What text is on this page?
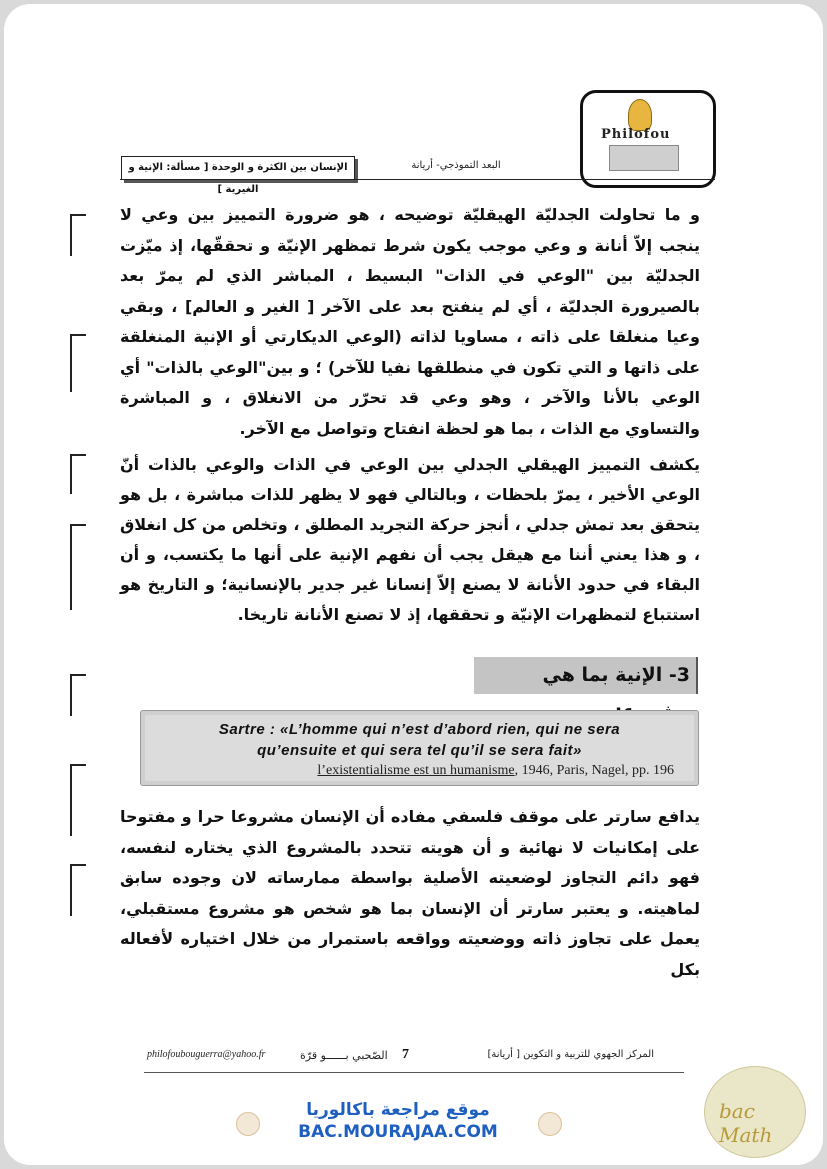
Philofou
الإنسان بين الكثرة و الوحدة [ مسألة: الإنية و الغيرية ]
البعد التموذجي- أريانة
و ما تحاولت الجدليّة الهيقليّة توضيحه ، هو ضرورة التمييز بين وعي لا ينجب إلاّ أنانة و وعي موجب يكون شرط تمظهر الإنيّة و تحققّها، إذ ميّزت الجدليّة بين "الوعي في الذات" البسيط ، المباشر الذي لم يمرّ بعد بالصيرورة الجدليّة ، أي لم ينفتح بعد على الآخر [ الغير و العالم] ، وبقي وعيا منغلقا على ذاته ، مساويا لذاته (الوعي الديكارتي أو الإنية المنغلقة على ذاتها و التي تكون في منطلقها نفيا للآخر) ؛ و بين"الوعي بالذات" أي الوعي بالأنا والآخر ، وهو وعي قد تحرّر من الانغلاق ، و المباشرة والتساوي مع الذات ، بما هو لحظة انفتاح وتواصل مع الآخر.
يكشف التمييز الهيقلي الجدلي بين الوعي في الذات والوعي بالذات أنّ الوعي الأخير ، يمرّ بلحظات ، وبالتالي فهو لا يظهر للذات مباشرة ، بل هو يتحقق بعد تمش جدلي ، أنجز حركة التجريد المطلق ، وتخلص من كل انغلاق ، و هذا يعني أننا مع هيقل يجب أن نفهم الإنية على أنها ما يكتسب، و أن البقاء في حدود الأنانة لا يصنع إلاّ إنسانا غير جدير بالإنسانية؛ و التاريخ هو استتباع لتمظهرات الإنيّة و تحققها، إذ لا تصنع الأنانة تاريخا.
3- الإنية بما هي
Sartre : «L’homme qui n’est d’abord rien, qui ne sera
qu’ensuite et qui sera tel qu’il se sera fait»
l’existentialisme est un humanisme, 1946, Paris, Nagel, pp. 196
يدافع سارتر على موقف فلسفي مفاده أن الإنسان مشروعا حرا و مفتوحا على إمكانيات لا نهائية و أن هويته تتحدد بالمشروع الذي يختاره لنفسه، فهو دائم التجاوز لوضعيته الأصلية بواسطة ممارساته لان وجوده سابق لماهيته. و يعتبر سارتر أن الإنسان بما هو شخص هو مشروع مستقبلي، يعمل على تجاوز ذاته ووضعيته وواقعه باستمرار من خلال اختياره لأفعاله بكل
philofoubouguerra@yahoo.fr	الصّحبي بــــــو قرّة 7	المركز الجهوي للتربية و التكوين [ أريانة]
موقع مراجعة باكالوريا
BAC.MOURAJAA.COM
bac Math
